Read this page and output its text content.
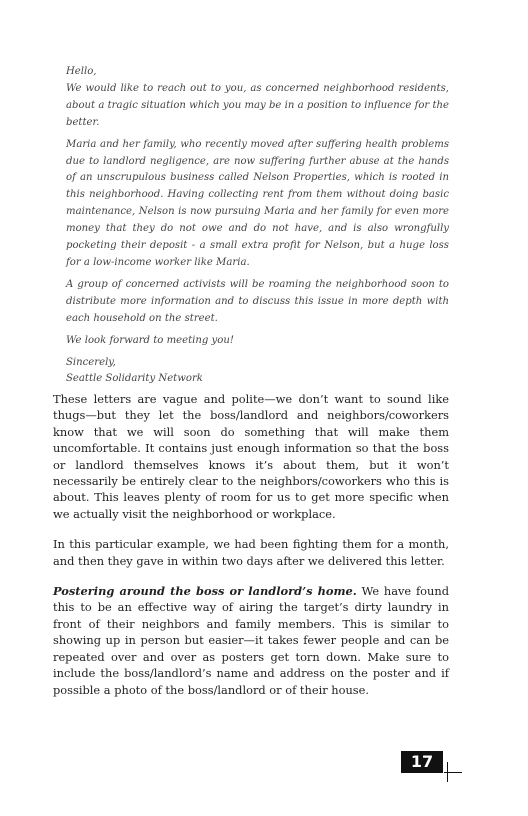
Hello,

We would like to reach out to you, as concerned neighborhood residents, about a tragic situation which you may be in a position to influence for the better.

Maria and her family, who recently moved after suffering health problems due to landlord negligence, are now suffering further abuse at the hands of an unscrupulous business called Nelson Properties, which is rooted in this neighborhood. Having collecting rent from them without doing basic maintenance, Nelson is now pursuing Maria and her family for even more money that they do not owe and do not have, and is also wrongfully pocketing their deposit - a small extra profit for Nelson, but a huge loss for a low-income worker like Maria.

A group of concerned activists will be roaming the neighborhood soon to distribute more information and to discuss this issue in more depth with each household on the street.

We look forward to meeting you!

Sincerely,

Seattle Solidarity Network

These letters are vague and polite—we don’t want to sound like thugs—but they let the boss/landlord and neighbors/coworkers know that we will soon do something that will make them uncomfortable. It contains just enough information so that the boss or landlord themselves knows it’s about them, but it won’t necessarily be entirely clear to the neighbors/coworkers who this is about. This leaves plenty of room for us to get more specific when we actually visit the neighborhood or workplace.

In this particular example, we had been fighting them for a month, and then they gave in within two days after we delivered this letter.

Postering around the boss or landlord’s home. We have found this to be an effective way of airing the target’s dirty laundry in front of their neighbors and family members. This is similar to showing up in person but easier—it takes fewer people and can be repeated over and over as posters get torn down. Make sure to include the boss/landlord’s name and address on the poster and if possible a photo of the boss/landlord or of their house.

17
